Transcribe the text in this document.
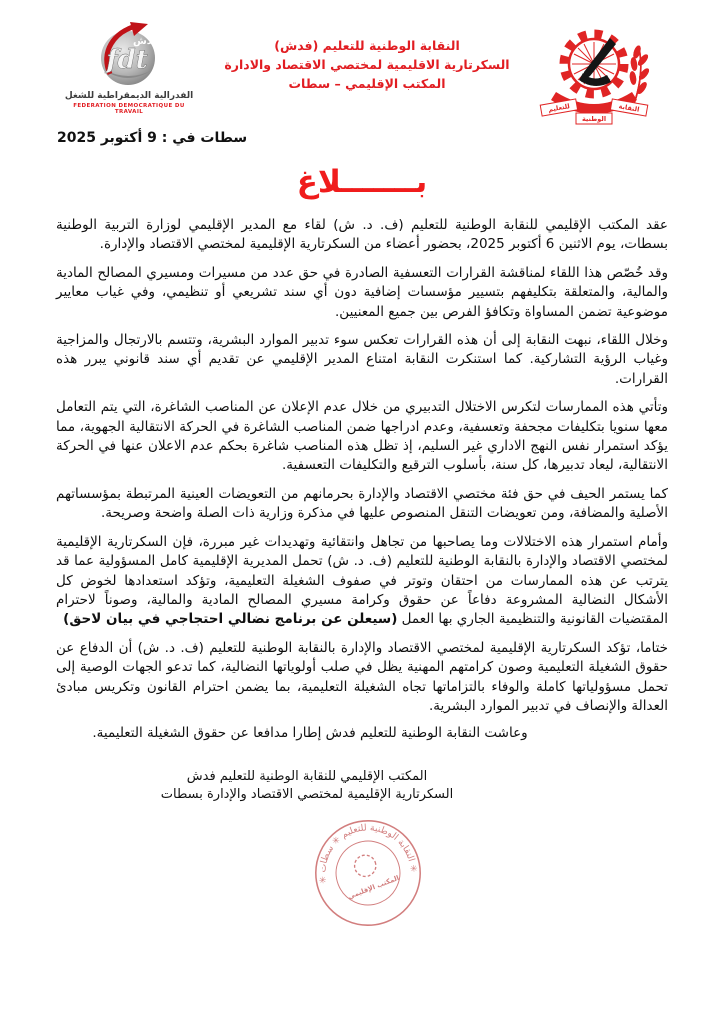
fdt
فدش
الفدرالية الديمقراطية للشغل
FEDERATION DEMOCRATIQUE DU TRAVAIL
النقابة الوطنية للتعليم (فدش)
السكرتارية الاقليمية لمختصي الاقتصاد والادارة
المكتب الإقليمي – سطات
النقابة
للتعليم
الوطنية
سطات في : 9 أكتوبر 2025
بـــــــلاغ

عقد المكتب الإقليمي للنقابة الوطنية للتعليم (ف. د. ش) لقاء مع المدير الإقليمي لوزارة التربية الوطنية بسطات، يوم الاثنين 6 أكتوبر 2025، بحضور أعضاء من السكرتارية الإقليمية لمختصي الاقتصاد والإدارة.

وقد خُصّص هذا اللقاء لمناقشة القرارات التعسفية الصادرة في حق عدد من مسيرات ومسيري المصالح المادية والمالية، والمتعلقة بتكليفهم بتسيير مؤسسات إضافية دون أي سند تشريعي أو تنظيمي، وفي غياب معايير موضوعية تضمن المساواة وتكافؤ الفرص بين جميع المعنيين.

وخلال اللقاء، نبهت النقابة إلى أن هذه القرارات تعكس سوء تدبير الموارد البشرية، وتتسم بالارتجال والمزاجية وغياب الرؤية التشاركية. كما استنكرت النقابة امتناع المدير الإقليمي عن تقديم أي سند قانوني يبرر هذه القرارات.

وتأتي هذه الممارسات لتكرس الاختلال التدبيري من خلال عدم الإعلان عن المناصب الشاغرة، التي يتم التعامل معها سنويا بتكليفات مجحفة وتعسفية، وعدم ادراجها ضمن المناصب الشاغرة في الحركة الانتقالية الجهوية، مما يؤكد استمرار نفس النهج الاداري غير السليم، إذ تظل هذه المناصب شاغرة بحكم عدم الاعلان عنها في الحركة الانتقالية، ليعاد تدبيرها، كل سنة، بأسلوب الترقيع والتكليفات التعسفية.

كما يستمر الحيف في حق فئة مختصي الاقتصاد والإدارة بحرمانهم من التعويضات العينية المرتبطة بمؤسساتهم الأصلية والمضافة، ومن تعويضات التنقل المنصوص عليها في مذكرة وزارية ذات الصلة واضحة وصريحة.

وأمام استمرار هذه الاختلالات وما يصاحبها من تجاهل وانتقائية وتهديدات غير مبررة، فإن السكرتارية الإقليمية لمختصي الاقتصاد والإدارة بالنقابة الوطنية للتعليم (ف. د. ش) تحمل المديرية الإقليمية كامل المسؤولية عما قد يترتب عن هذه الممارسات من احتقان وتوتر في صفوف الشغيلة التعليمية، وتؤكد استعدادها لخوض كل الأشكال النضالية المشروعة دفاعاً عن حقوق وكرامة مسيري المصالح المادية والمالية، وصوناً لاحترام المقتضيات القانونية والتنظيمية الجاري بها العمل (سيعلن عن برنامج نضالي احتجاجي في بيان لاحق)

ختاما، تؤكد السكرتارية الإقليمية لمختصي الاقتصاد والإدارة بالنقابة الوطنية للتعليم (ف. د. ش) أن الدفاع عن حقوق الشغيلة التعليمية وصون كرامتهم المهنية يظل في صلب أولوياتها النضالية، كما تدعو الجهات الوصية إلى تحمل مسؤولياتها كاملة والوفاء بالتزاماتها تجاه الشغيلة التعليمية، بما يضمن احترام القانون وتكريس مبادئ العدالة والإنصاف في تدبير الموارد البشرية.

وعاشت النقابة الوطنية للتعليم فدش إطارا مدافعا عن حقوق الشغيلة التعليمية.
المكتب الإقليمي للنقابة الوطنية للتعليم فدش
السكرتارية الإقليمية لمختصي الاقتصاد والإدارة بسطات
✳ النقابة الوطنية للتعليم ✳ سطات ✳
المكتب الإقليمي
